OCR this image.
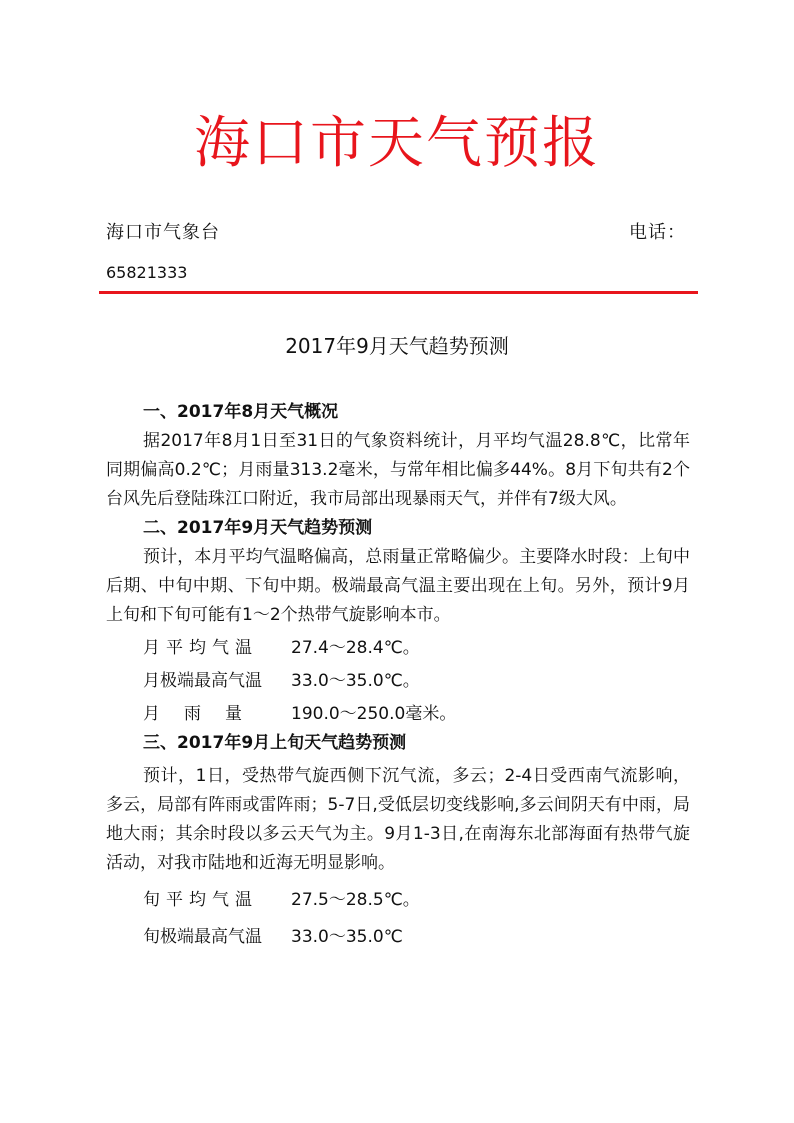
海口市天气预报
海口市气象台	电话：
65821333
2017年9月天气趋势预测

一、2017年8月天气概况

据2017年8月1日至31日的气象资料统计，月平均气温28.8℃，比常年同期偏高0.2℃；月雨量313.2毫米，与常年相比偏多44%。8月下旬共有2个台风先后登陆珠江口附近，我市局部出现暴雨天气，并伴有7级大风。

二、2017年9月天气趋势预测

预计，本月平均气温略偏高，总雨量正常略偏少。主要降水时段：上旬中后期、中旬中期、下旬中期。极端最高气温主要出现在上旬。另外，预计9月上旬和下旬可能有1～2个热带气旋影响本市。

月平均气温	27.4～28.4℃。

月极端最高气温	33.0～35.0℃。

月雨量	190.0～250.0毫米。

三、2017年9月上旬天气趋势预测

预计，1日，受热带气旋西侧下沉气流，多云；2-4日受西南气流影响，多云，局部有阵雨或雷阵雨；5-7日,受低层切变线影响,多云间阴天有中雨，局地大雨；其余时段以多云天气为主。9月1-3日,在南海东北部海面有热带气旋活动，对我市陆地和近海无明显影响。

旬平均气温	27.5～28.5℃。

旬极端最高气温	33.0～35.0℃
